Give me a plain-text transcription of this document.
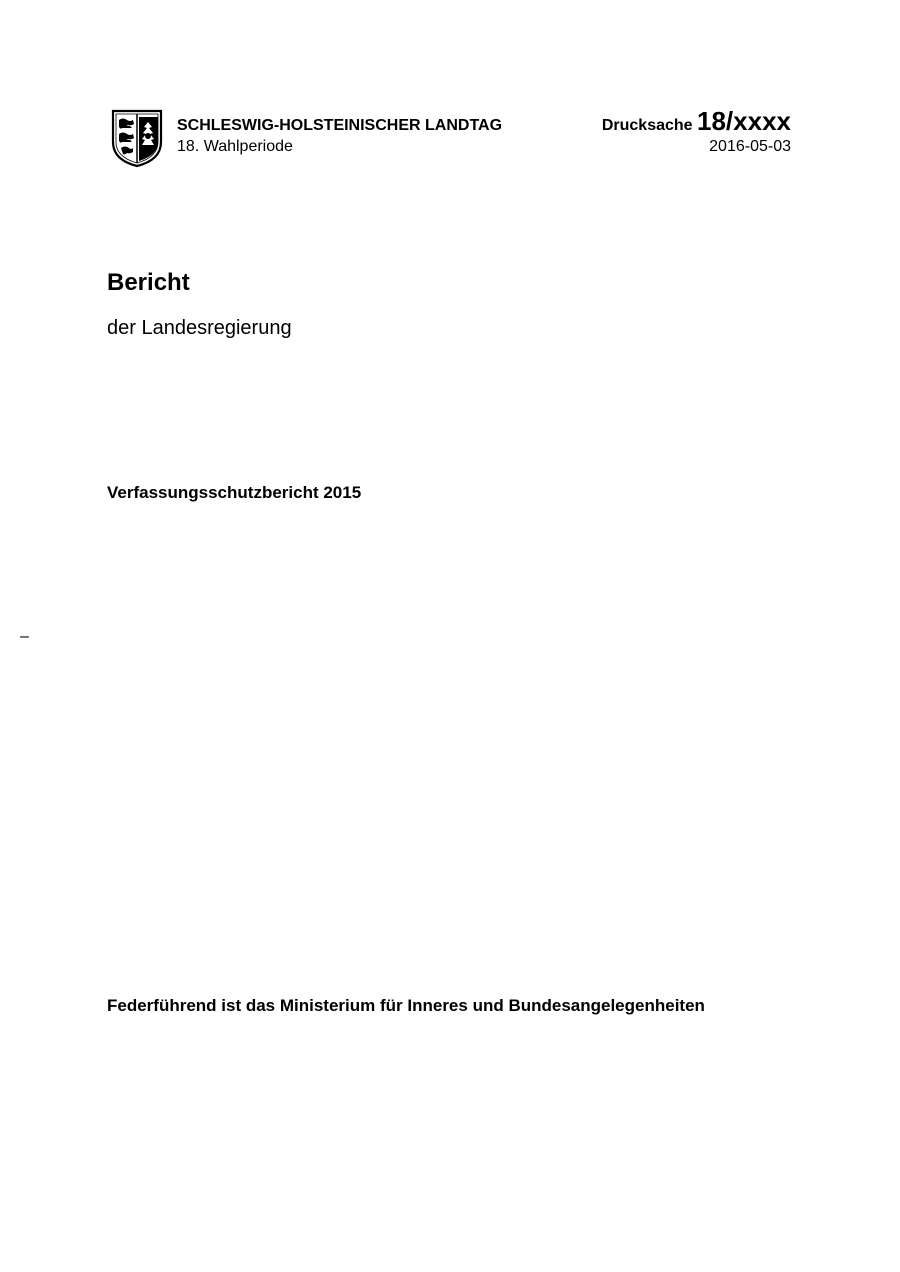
SCHLESWIG-HOLSTEINISCHER LANDTAG
18. Wahlperiode
Drucksache 18/xxxx
2016-05-03
Bericht
der Landesregierung
Verfassungsschutzbericht 2015
–
Federführend ist das Ministerium für Inneres und Bundesangelegenheiten
